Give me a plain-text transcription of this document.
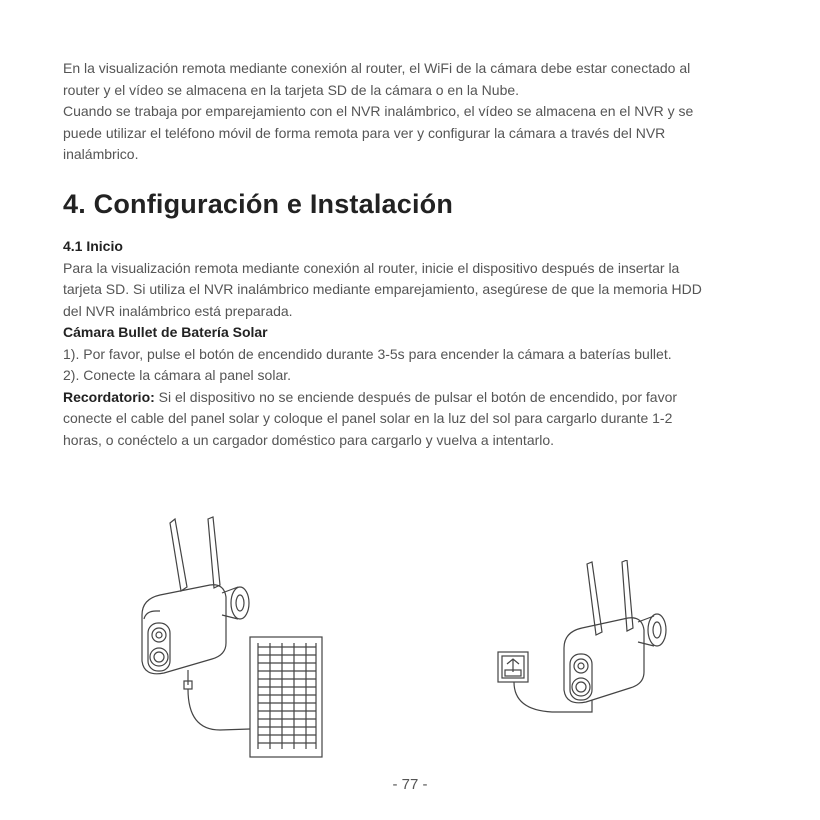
En la visualización remota mediante conexión al router, el WiFi de la cámara debe estar conectado al

router y el vídeo se almacena en la tarjeta SD de la cámara o en la Nube.

Cuando se trabaja por emparejamiento con el NVR inalámbrico, el vídeo se almacena en el NVR y se

puede utilizar el teléfono móvil de forma remota para ver y configurar la cámara a través del NVR

inalámbrico.

4. Configuración e Instalación

4.1 Inicio

Para la visualización remota mediante conexión al router, inicie el dispositivo después de insertar la

tarjeta SD. Si utiliza el NVR inalámbrico mediante emparejamiento, asegúrese de que la memoria HDD

del NVR inalámbrico está preparada.

Cámara Bullet de Batería Solar

1). Por favor, pulse el botón de encendido durante 3-5s para encender la cámara a baterías bullet.

2). Conecte la cámara al panel solar.

Recordatorio: Si el dispositivo no se enciende después de pulsar el botón de encendido, por favor

conecte el cable del panel solar y coloque el panel solar en la luz del sol para cargarlo durante 1-2

horas, o conéctelo a un cargador doméstico para cargarlo y vuelva a intentarlo.

- 77 -
